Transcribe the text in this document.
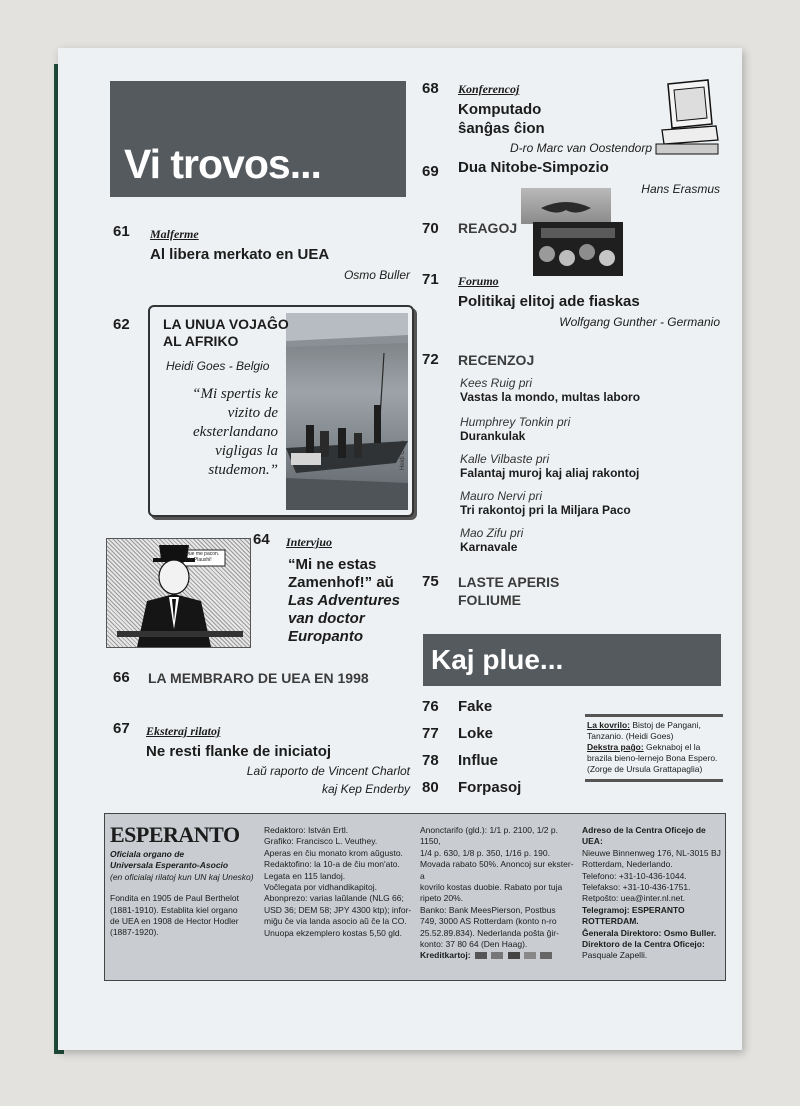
Vi trovos...
61 Malferme
Al libera merkato en UEA
Osmo Buller
62
Heidi Goes
LA UNUA VOJAĜO
AL AFRIKO
Heidi Goes - Belgio
“Mi spertis ke
vizito de
eksterlandano
vigligas la
studemon.”
Que me pacon. Die Plaushi!
64 Intervjuo
“Mi ne estas
Zamenhof!” aŭ
Las Adventures
van doctor
Europanto
66 LA MEMBRARO DE UEA EN 1998
67 Eksteraj rilatoj
Ne resti flanke de iniciatoj
Laŭ raporto de Vincent Charlot
kaj Kep Enderby
68 Konferencoj
Komputado
ŝanĝas ĉion
D-ro Marc van Oostendorp
69 Dua Nitobe-Simpozio
Hans Erasmus
70 REAGOJ
71 Forumo
Politikaj elitoj ade fiaskas
Wolfgang Gunther - Germanio
72 RECENZOJ
Kees Ruig pri
Vastas la mondo, multas laboro
Humphrey Tonkin pri
Durankulak
Kalle Vilbaste pri
Falantaj muroj kaj aliaj rakontoj
Mauro Nervi pri
Tri rakontoj pri la Miljara Paco
Mao Zifu pri
Karnavale
75 LASTE APERIS
FOLIUME
Kaj plue...
76 Fake
77 Loke
78 Influe
80 Forpasoj
La kovrilo: Bistoj de Pangani,
Tanzanio. (Heidi Goes)
Dekstra paĝo: Geknaboj el la
brazila bieno-lernejo Bona Espero.
(Zorge de Ursula Grattapaglia)
ESPERANTO
Oficiala organo de
Universala Esperanto-Asocio
(en oficialaj rilatoj kun UN kaj Unesko)
Fondita en 1905 de Paul Berthelot
(1881-1910). Establita kiel organo
de UEA en 1908 de Hector Hodler
(1887-1920).
Redaktoro: István Ertl.
Grafiko: Francisco L. Veuthey.
Aperas en ĉiu monato krom aŭgusto.
Redaktofino: la 10-a de ĉiu mon'ato.
Legata en 115 landoj.
Voĉlegata por vidhandikapitoj.
Abonprezo: varias laŭlande (NLG 66;
USD 36; DEM 58; JPY 4300 ktp); infor-
miĝu ĉe via landa asocio aŭ ĉe la CO.
Unuopa ekzemplero kostas 5,50 gld.
Anonctarifo (gld.): 1/1 p. 2100, 1/2 p. 1150,
1/4 p. 630, 1/8 p. 350, 1/16 p. 190.
Movada rabato 50%. Anoncoj sur ekster-a
kovrilo kostas duobie. Rabato por tuja
ripeto 20%.
Banko: Bank MeesPierson, Postbus
749, 3000 AS Rotterdam (konto n-ro
25.52.89.834). Nederlanda poŝta ĝir-
konto: 37 80 64 (Den Haag).
Kreditkartoj:
Adreso de la Centra Oficejo de UEA:
Nieuwe Binnenweg 176, NL-3015 BJ
Rotterdam, Nederlando.
Telefono: +31-10-436-1044.
Telefakso: +31-10-436-1751.
Retpoŝto: uea@inter.nl.net.
Telegramoj: ESPERANTO ROTTERDAM.
Ĝenerala Direktoro: Osmo Buller.
Direktoro de la Centra Oficejo:
Pasquale Zapelli.
